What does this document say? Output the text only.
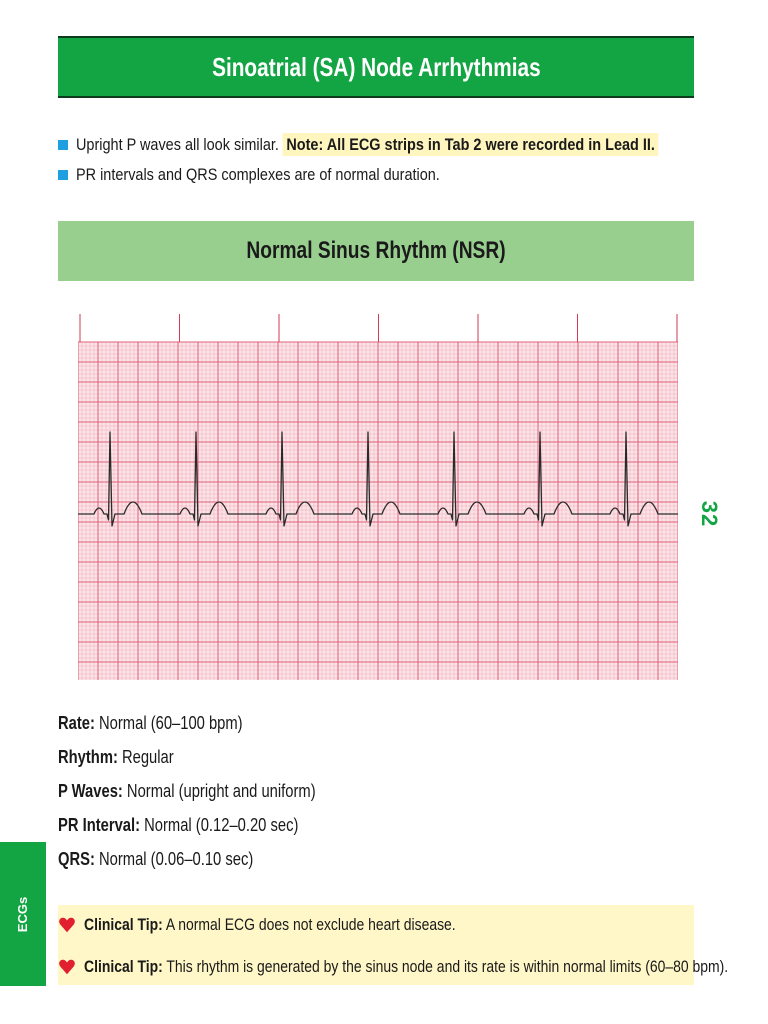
Sinoatrial (SA) Node Arrhythmias
Upright P waves all look similar. Note: All ECG strips in Tab 2 were recorded in Lead II.
PR intervals and QRS complexes are of normal duration.
Normal Sinus Rhythm (NSR)
32
Rate: Normal (60–100 bpm)
Rhythm: Regular
P Waves: Normal (upright and uniform)
PR Interval: Normal (0.12–0.20 sec)
QRS: Normal (0.06–0.10 sec)
ECGs	Clinical Tip: A normal ECG does not exclude heart disease.
Clinical Tip: This rhythm is generated by the sinus node and its rate is within normal limits (60–80 bpm).
